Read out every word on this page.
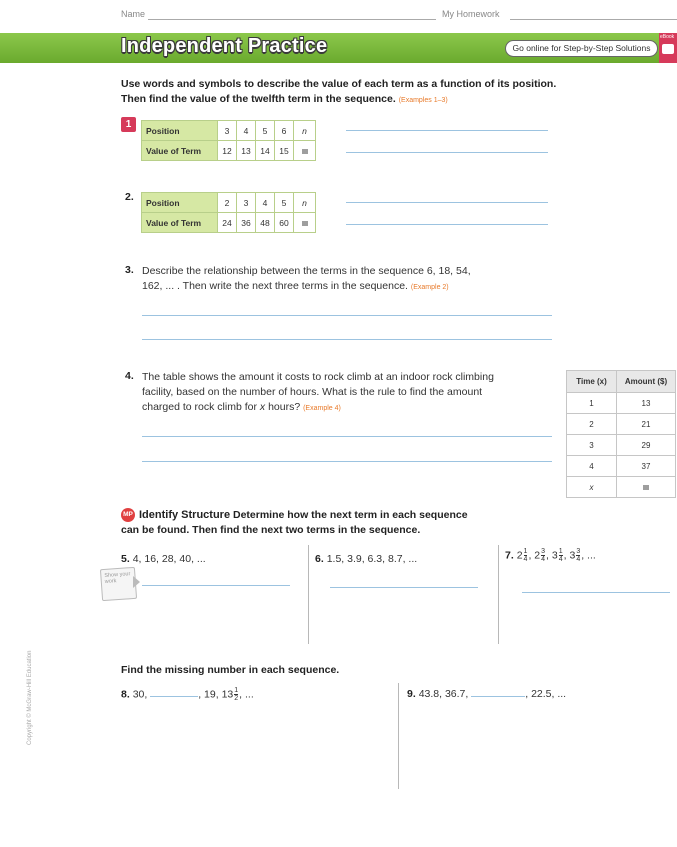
Name	My Homework
Independent Practice	Go online for Step-by-Step Solutions
eBook
Use words and symbols to describe the value of each term as a function of its position. Then find the value of the twelfth term in the sequence. (Examples 1–3)
1
Position	3	4	5	6	n
Value of Term	12	13	14	15	
2. Position	2	3	4	5	n
Value of Term	24	36	48	60	
3. Describe the relationship between the terms in the sequence 6, 18, 54,
162, ... . Then write the next three terms in the sequence. (Example 2)
4. The table shows the amount it costs to rock climb at an indoor rock climbing
facility, based on the number of hours. What is the rule to find the amount
charged to rock climb for x hours? (Example 4)
Time (x)	Amount ($)
1	13
2	21
3	29
4	37
x	
MP Identify Structure Determine how the next term in each sequence
can be found. Then find the next two terms in the sequence.
5. 4, 16, 28, 40, ...
Show your work
6. 1.5, 3.9, 6.3, 8.7, ...	7. $2 \frac{1}{4}$ , $2 \frac{3}{4}$ , $3 \frac{1}{4}$ , $3 \frac{3}{4}$ , ...
Find the missing number in each sequence.
8. 30,	, 19, $13 \frac{1}{2}$ , ...	9. 43.8, 36.7,	, 22.5, ...
Copyright © McGraw-Hill Education
